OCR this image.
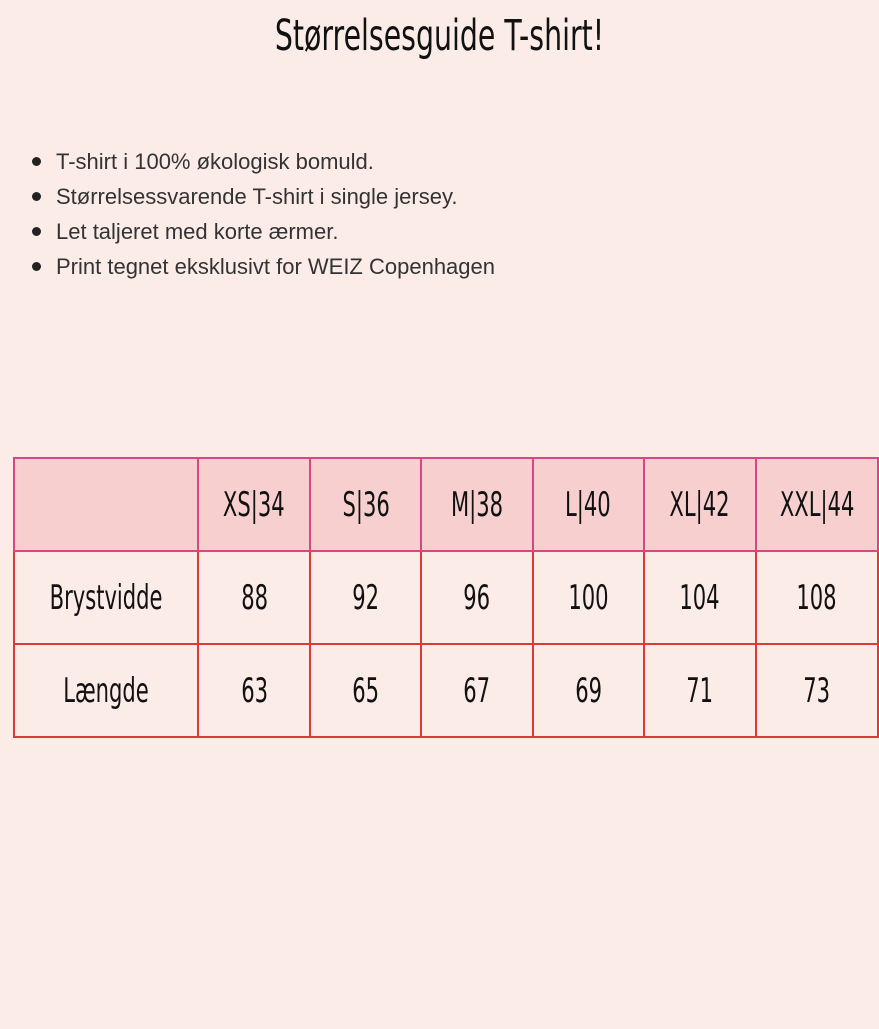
Størrelsesguide T-shirt!
T-shirt i 100% økologisk bomuld.
Størrelsessvarende T-shirt i single jersey.
Let taljeret med korte ærmer.
Print tegnet eksklusivt for WEIZ Copenhagen
	XS|34	S|36	M|38	L|40	XL|42	XXL|44
Brystvidde	88	92	96	100	104	108
Længde	63	65	67	69	71	73
